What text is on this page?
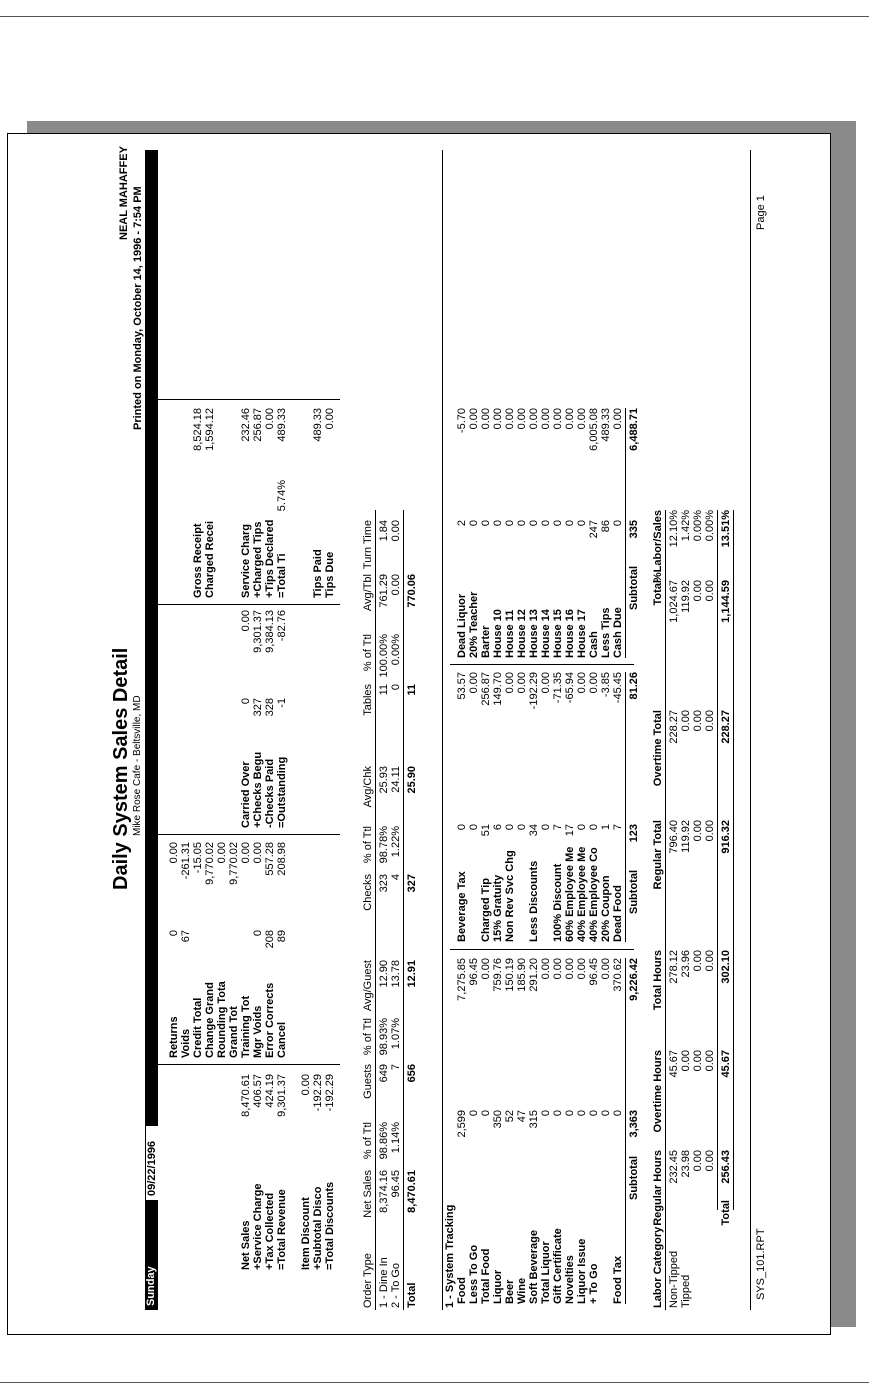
Daily System Sales Detail Mike Rose Cafe - Beltsville, MD
NEAL MAHAFFEY Printed on Monday, October 14, 1996 - 7:54 PM
Sunday
09/22/1996
Net Sales
8,470.61
+Service Charge
406.57
+Tax Collected
424.19
=Total Revenue
9,301.37
Item Discount
0.00
+Subtotal Disco
-192.29
=Total Discounts
-192.29
Returns
0
0.00
Voids
67
-261.31
Credit Total
-15.05
Change Grand
9,770.02
Rounding Tota
0.00
Grand Tot
9,770.02
Training Tot
0.00
Mgr Voids
0
0.00
Error Corrects
208
557.28
Cancel
89
208.98
Carried Over
0
0.00
+Checks Begu
327
9,301.37
-Checks Paid
328
9,384.13
=Outstanding
-1
-82.76
Gross Receipt
8,524.18
Charged Recei
1,594.12
Service Charg
232.46
+Charged Tips
256.87
+Tips Declared
0.00
=Total Ti
5.74%
489.33
Tips Paid
489.33
Tips Due
0.00
Order Type
Net Sales
% of Ttl
Guests
% of Ttl
Avg/Guest
Checks
% of Ttl
Avg/Chk
Tables
% of Ttl
Avg/Tbl
Turn Time
1 - Dine In
8,374.16
98.86%
649
98.93%
12.90
323
98.78%
25.93
11
100.00%
761.29
1.84
2 - To Go
96.45
1.14%
7
1.07%
13.78
4
1.22%
24.11
0
0.00%
0.00
0.00
Total
8,470.61
656
12.91
327
25.90
11
770.06
1 - System Tracking Food
2,599
7,275.85
Less To Go
0
96.45
Total Food
0
0.00
Liquor
350
759.76
Beer
52
150.19
Wine
47
185.90
Soft Beverage
315
291.20
Total Liquor
0
0.00
Gift Certificate
0
0.00
Novelties
0
0.00
Liquor Issue
0
0.00
+ To Go
0
96.45
0
0.00
Food Tax
0
370.62
Subtotal
3,363
9,226.42
Beverage Tax
0
53.57
0
0.00
Charged Tip
51
256.87
15% Gratuity
6
149.70
Non Rev Svc Chg
0
0.00
0
0.00
Less Discounts
34
-192.29
0
0.00
100% Discount
7
-71.35
60% Employee Me
17
-65.94
40% Employee Me
0
0.00
40% Employee Co
0
0.00
20% Coupon
1
-3.85
Dead Food
7
-45.45
Subtotal
123
81.26
Dead Liquor
2
-5.70
20% Teacher
0
0.00
Barter
0
0.00
House 10
0
0.00
House 11
0
0.00
House 12
0
0.00
House 13
0
0.00
House 14
0
0.00
House 15
0
0.00
House 16
0
0.00
House 17
0
0.00
Cash
247
6,005.08
Less Tips
86
489.33
Cash Due
0
0.00
Subtotal
335
6,488.71
Labor Category
Regular Hours
Overtime Hours
Total Hours
Regular Total
Overtime Total
Total
%Labor/Sales
Non-Tipped
232.45
45.67
278.12
796.40
228.27
1,024.67
12.10%
Tipped
23.98
0.00
23.96
119.92
0.00
119.92
1.42%
0.00
0.00
0.00
0.00
0.00
0.00
0.00%
0.00
0.00
0.00
0.00
0.00
0.00
0.00%
Total
256.43
45.67
302.10
916.32
228.27
1,144.59
13.51%
SYS_101.RPT
Page 1
